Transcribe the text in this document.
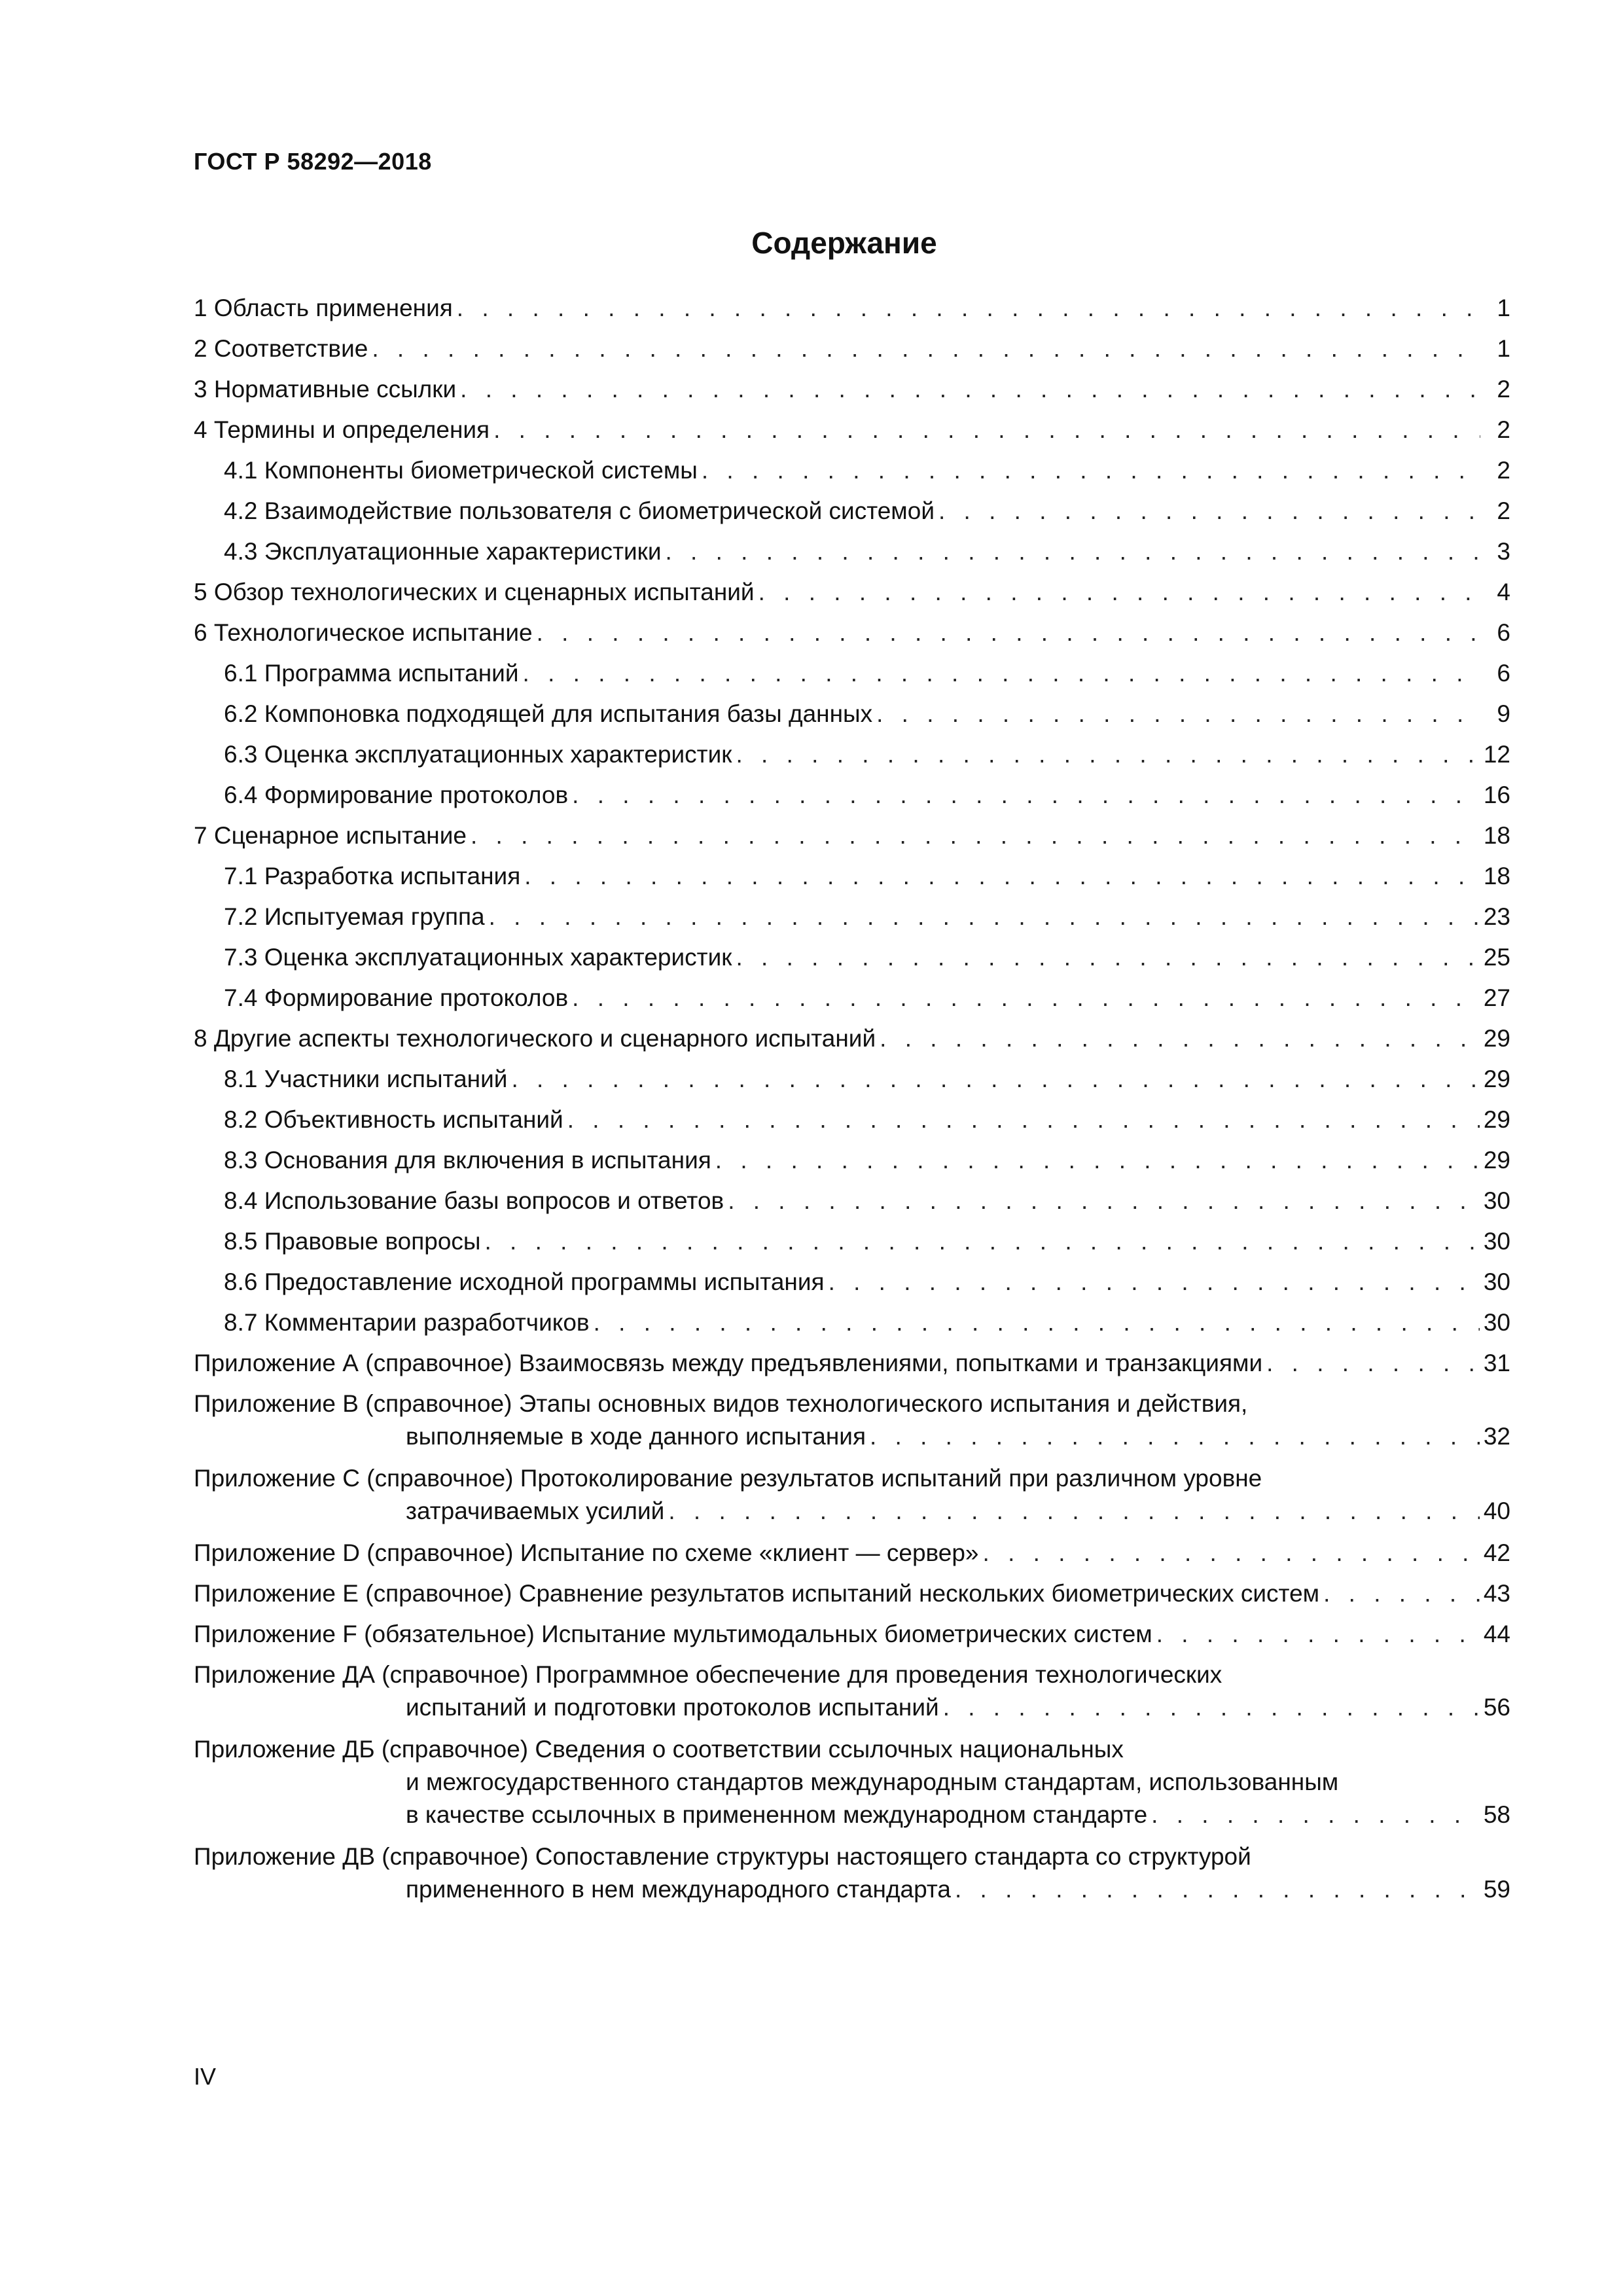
ГОСТ Р 58292—2018
Содержание
1 Область применения . . .	1
2 Соответствие . . .	1
3 Нормативные ссылки . . .	2
4 Термины и определения . . .	2
4.1 Компоненты биометрической системы . . .	2
4.2 Взаимодействие пользователя с биометрической системой . . .	2
4.3 Эксплуатационные характеристики . . .	3
5 Обзор технологических и сценарных испытаний . . .	4
6 Технологическое испытание . . .	6
6.1 Программа испытаний . . .	6
6.2 Компоновка подходящей для испытания базы данных . . .	9
6.3 Оценка эксплуатационных характеристик . . .	12
6.4 Формирование протоколов . . .	16
7 Сценарное испытание . . .	18
7.1 Разработка испытания . . .	18
7.2 Испытуемая группа . . .	23
7.3 Оценка эксплуатационных характеристик . . .	25
7.4 Формирование протоколов . . .	27
8 Другие аспекты технологического и сценарного испытаний . . .	29
8.1 Участники испытаний . . .	29
8.2 Объективность испытаний . . .	29
8.3 Основания для включения в испытания . . .	29
8.4 Использование базы вопросов и ответов . . .	30
8.5 Правовые вопросы . . .	30
8.6 Предоставление исходной программы испытания . . .	30
8.7 Комментарии разработчиков . . .	30
Приложение А (справочное) Взаимосвязь между предъявлениями, попытками и транзакциями . . .	31
Приложение В (справочное) Этапы основных видов технологического испытания и действия,
выполняемые в ходе данного испытания . . .	32
Приложение С (справочное) Протоколирование результатов испытаний при различном уровне
затрачиваемых усилий . . .	40
Приложение D (справочное) Испытание по схеме «клиент — сервер» . . .	42
Приложение Е (справочное) Сравнение результатов испытаний нескольких биометрических систем . . .	43
Приложение F (обязательное) Испытание мультимодальных биометрических систем . . .	44
Приложение ДА (справочное) Программное обеспечение для проведения технологических
испытаний и подготовки протоколов испытаний . . .	56
Приложение ДБ (справочное) Сведения о соответствии ссылочных национальных
и межгосударственного стандартов международным стандартам, использованным
в качестве ссылочных в примененном международном стандарте . . .	58
Приложение ДВ (справочное) Сопоставление структуры настоящего стандарта со структурой
примененного в нем международного стандарта . . .	59
IV
